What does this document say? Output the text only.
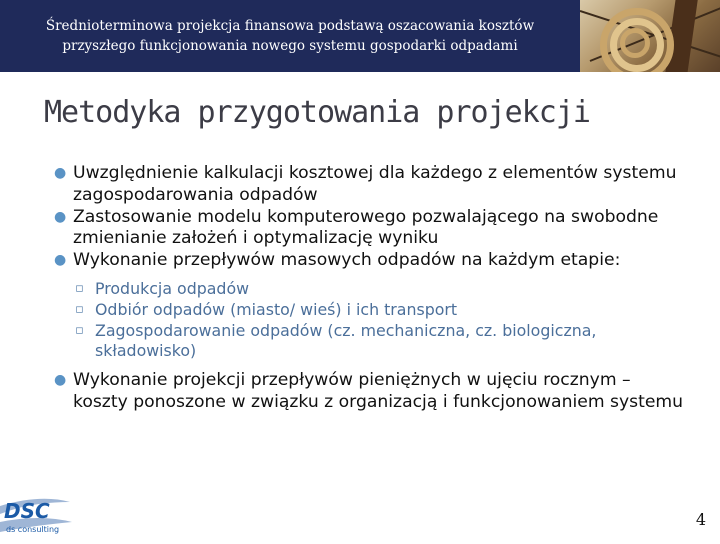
Średnioterminowa projekcja finansowa podstawą oszacowania kosztów
przyszłego funkcjonowania nowego systemu gospodarki odpadami
Metodyka przygotowania projekcji

● Uwzględnienie kalkulacji kosztowej dla każdego z elementów systemu zagospodarowania odpadów

● Zastosowanie modelu komputerowego pozwalającego na swobodne zmienianie założeń i optymalizację wyniku

● Wykonanie przepływów masowych odpadów na każdym etapie:

▫ Produkcja odpadów

▫ Odbiór odpadów (miasto/ wieś) i ich transport

▫ Zagospodarowanie odpadów (cz. mechaniczna, cz. biologiczna, składowisko)

● Wykonanie projekcji przepływów pieniężnych w ujęciu rocznym – koszty ponoszone w związku z organizacją i funkcjonowaniem systemu

DSC
ds consulting
4
